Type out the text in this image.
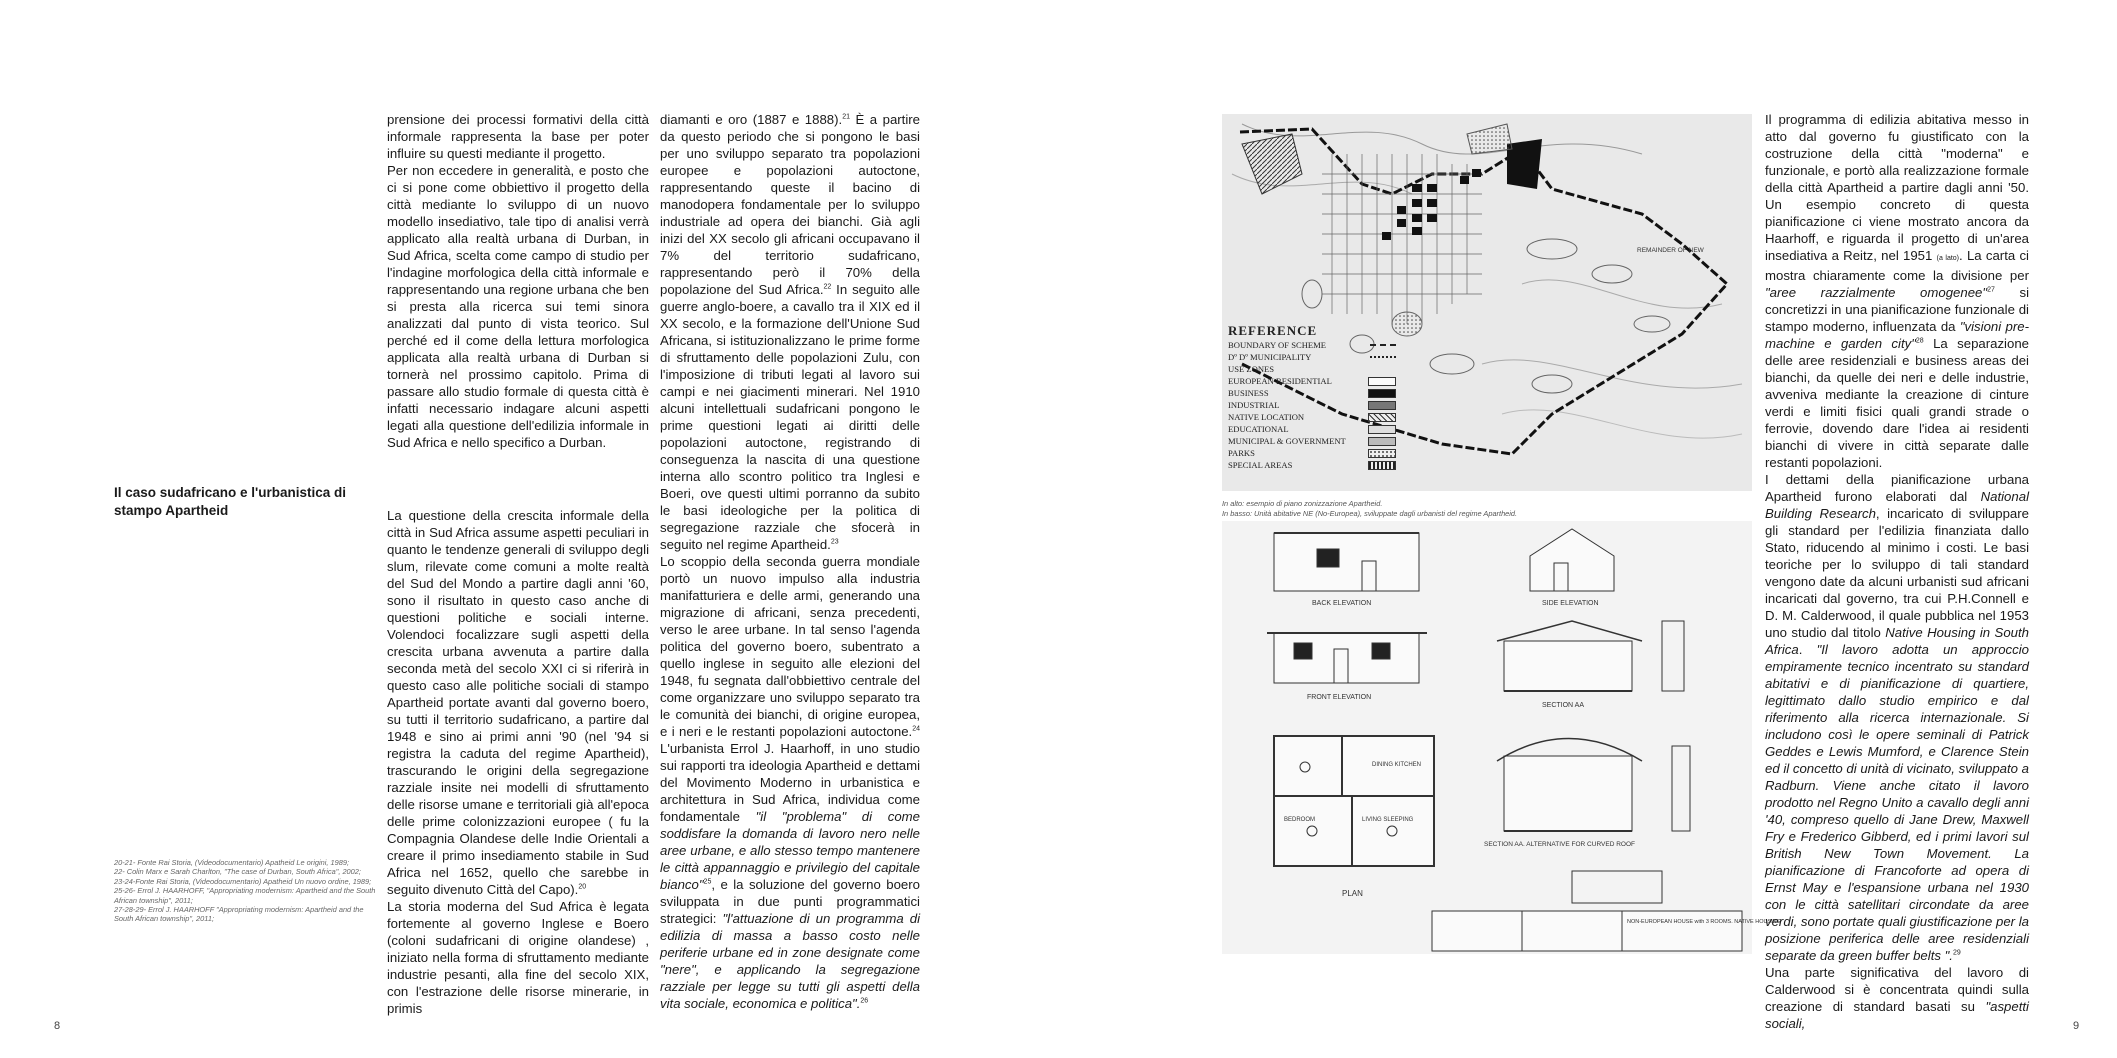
prensione dei processi formativi della città informale rappresenta la base per poter influire su questi mediante il progetto.

Per non eccedere in generalità, e posto che ci si pone come obbiettivo il progetto della città mediante lo sviluppo di un nuovo modello insediativo, tale tipo di analisi verrà applicato alla realtà urbana di Durban, in Sud Africa, scelta come campo di studio per l'indagine morfologica della città informale e rappresentando una regione urbana che ben si presta alla ricerca sui temi sinora analizzati dal punto di vista teorico. Sul perché ed il come della lettura morfologica applicata alla realtà urbana di Durban si tornerà nel prossimo capitolo. Prima di passare allo studio formale di questa città è infatti necessario indagare alcuni aspetti legati alla questione dell'edilizia informale in Sud Africa e nello specifico a Durban.

La questione della crescita informale della città in Sud Africa assume aspetti peculiari in quanto le tendenze generali di sviluppo degli slum, rilevate come comuni a molte realtà del Sud del Mondo a partire dagli anni '60, sono il risultato in questo caso anche di questioni politiche e sociali interne. Volendoci focalizzare sugli aspetti della crescita urbana avvenuta a partire dalla seconda metà del secolo XXI ci si riferirà in questo caso alle politiche sociali di stampo Apartheid portate avanti dal governo boero, su tutti il territorio sudafricano, a partire dal 1948 e sino ai primi anni '90 (nel '94 si registra la caduta del regime Apartheid), trascurando le origini della segregazione razziale insite nei modelli di sfruttamento delle risorse umane e territoriali già all'epoca delle prime colonizzazioni europee ( fu la Compagnia Olandese delle Indie Orientali a creare il primo insediamento stabile in Sud Africa nel 1652, quello che sarebbe in seguito divenuto Città del Capo).$^{20}$

La storia moderna del Sud Africa è legata fortemente al governo Inglese e Boero (coloni sudafricani di origine olandese) , iniziato nella forma di sfruttamento mediante industrie pesanti, alla fine del secolo XIX, con l'estrazione delle risorse minerarie, in primis

Il caso sudafricano e l'urbanistica di stampo Apartheid
20-21- Fonte Rai Storia, (Videodocumentario) Apatheid Le origini, 1989;
22- Colin Marx e Sarah Charlton, "The case of Durban, South Africa", 2002;
23-24-Fonte Rai Storia, (Videodocumentario) Apatheid Un nuovo ordine, 1989;
25-26- Errol J. HAARHOFF, "Appropriating modernism: Apartheid and the South African township", 2011;
27-28-29- Errol J. HAARHOFF "Appropriating modernism: Apartheid and the South African township", 2011;

diamanti e oro (1887 e 1888).$^{21}$ È a partire da questo periodo che si pongono le basi per uno sviluppo separato tra popolazioni europee e popolazioni autoctone, rappresentando queste il bacino di manodopera fondamentale per lo sviluppo industriale ad opera dei bianchi. Già agli inizi del XX secolo gli africani occupavano il 7% del territorio sudafricano, rappresentando però il 70% della popolazione del Sud Africa.$^{22}$ In seguito alle guerre anglo-boere, a cavallo tra il XIX ed il XX secolo, e la formazione dell'Unione Sud Africana, si istituzionalizzano le prime forme di sfruttamento delle popolazioni Zulu, con l'imposizione di tributi legati al lavoro sui campi e nei giacimenti minerari. Nel 1910 alcuni intellettuali sudafricani pongono le prime questioni legati ai diritti delle popolazioni autoctone, registrando di conseguenza la nascita di una questione interna allo scontro politico tra Inglesi e Boeri, ove questi ultimi porranno da subito le basi ideologiche per la politica di segregazione razziale che sfocerà in seguito nel regime Apartheid.$^{23}$

Lo scoppio della seconda guerra mondiale portò un nuovo impulso alla industria manifatturiera e delle armi, generando una migrazione di africani, senza precedenti, verso le aree urbane. In tal senso l'agenda politica del governo boero, subentrato a quello inglese in seguito alle elezioni del 1948, fu segnata dall'obbiettivo centrale del come organizzare uno sviluppo separato tra le comunità dei bianchi, di origine europea, e i neri e le restanti popolazioni autoctone.$^{24}$ L'urbanista Errol J. Haarhoff, in uno studio sui rapporti tra ideologia Apartheid e dettami del Movimento Moderno in urbanistica e architettura in Sud Africa, individua come fondamentale "il "problema" di come soddisfare la domanda di lavoro nero nelle aree urbane, e allo stesso tempo mantenere le città appannaggio e privilegio del capitale bianco"$^{25}$, e la soluzione del governo boero sviluppata in due punti programmatici strategici: "l'attuazione di un programma di edilizia di massa a basso costo nelle periferie urbane ed in zone designate come "nere", e applicando la segregazione razziale per legge su tutti gli aspetti della vita sociale, economica e politica".$^{26}$

8
REMAINDER OF NEW
REFERENCE
BOUNDARY OF SCHEME
Dº Dº MUNICIPALITY
USE ZONES
EUROPEAN RESIDENTIAL
BUSINESS
INDUSTRIAL
NATIVE LOCATION
EDUCATIONAL
MUNICIPAL & GOVERNMENT
PARKS
SPECIAL AREAS
In alto: esempio di piano zonizzazione Apartheid.
In basso: Unità abitative NE (No-Europea), sviluppate dagli urbanisti del regime Apartheid.
BACK ELEVATION	SIDE ELEVATION
FRONT ELEVATION
SECTION AA
DINING KITCHEN
BEDROOM	LIVING SLEEPING
PLAN
SECTION AA. ALTERNATIVE FOR CURVED ROOF
NON-EUROPEAN HOUSE with 3 ROOMS. NATIVE HOUSING

Il programma di edilizia abitativa messo in atto dal governo fu giustificato con la costruzione della città "moderna" e funzionale, e portò alla realizzazione formale della città Apartheid a partire dagli anni '50. Un esempio concreto di questa pianificazione ci viene mostrato ancora da Haarhoff, e riguarda il progetto di un'area insediativa a Reitz, nel 1951 (a lato). La carta ci mostra chiaramente come la divisione per "aree razzialmente omogenee"$^{27}$ si concretizzi in una pianificazione funzionale di stampo moderno, influenzata da "visioni pre-machine e garden city"$^{28}$ La separazione delle aree residenziali e business areas dei bianchi, da quelle dei neri e delle industrie, avveniva mediante la creazione di cinture verdi e limiti fisici quali grandi strade o ferrovie, dovendo dare l'idea ai residenti bianchi di vivere in città separate dalle restanti popolazioni.

I dettami della pianificazione urbana Apartheid furono elaborati dal National Building Research, incaricato di sviluppare gli standard per l'edilizia finanziata dallo Stato, riducendo al minimo i costi. Le basi teoriche per lo sviluppo di tali standard vengono date da alcuni urbanisti sud africani incaricati dal governo, tra cui P.H.Connell e D. M. Calderwood, il quale pubblica nel 1953 uno studio dal titolo Native Housing in South Africa. "Il lavoro adotta un approccio empiramente tecnico incentrato su standard abitativi e di pianificazione di quartiere, legittimato dallo studio empirico e dal riferimento alla ricerca internazionale. Si includono così le opere seminali di Patrick Geddes e Lewis Mumford, e Clarence Stein ed il concetto di unità di vicinato, sviluppato a Radburn. Viene anche citato il lavoro prodotto nel Regno Unito a cavallo degli anni '40, compreso quello di Jane Drew, Maxwell Fry e Frederico Gibberd, ed i primi lavori sul British New Town Movement. La pianificazione di Francoforte ad opera di Ernst May e l'espansione urbana nel 1930 con le città satellitari circondate da aree verdi, sono portate quali giustificazione per la posizione periferica delle aree residenziali separate da green buffer belts ".$^{29}$

Una parte significativa del lavoro di Calderwood si è concentrata quindi sulla creazione di standard basati su "aspetti sociali,	9
